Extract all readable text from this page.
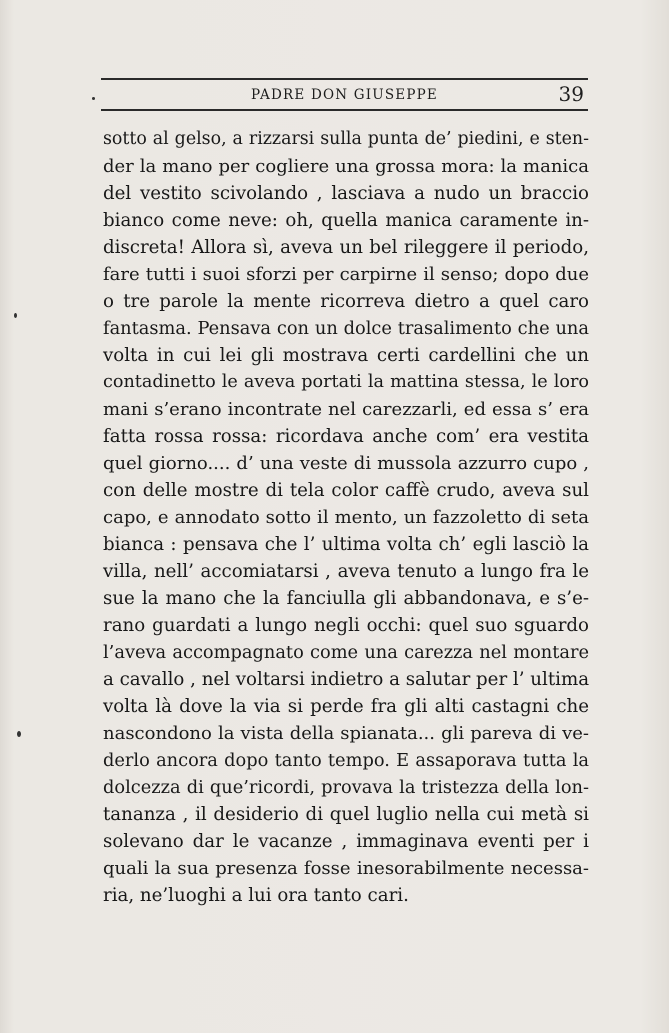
PADRE DON GIUSEPPE	39
sotto al gelso, a rizzarsi sulla punta de’ piedini, e sten-
der la mano per cogliere una grossa mora: la manica
del vestito scivolando , lasciava a nudo un braccio
bianco come neve: oh, quella manica caramente in-
discreta! Allora sì, aveva un bel rileggere il periodo,
fare tutti i suoi sforzi per carpirne il senso; dopo due
o tre parole la mente ricorreva dietro a quel caro
fantasma. Pensava con un dolce trasalimento che una
volta in cui lei gli mostrava certi cardellini che un
contadinetto le aveva portati la mattina stessa, le loro
mani s’erano incontrate nel carezzarli, ed essa s’ era
fatta rossa rossa: ricordava anche com’ era vestita
quel giorno.... d’ una veste di mussola azzurro cupo ,
con delle mostre di tela color caffè crudo, aveva sul
capo, e annodato sotto il mento, un fazzoletto di seta
bianca : pensava che l’ ultima volta ch’ egli lasciò la
villa, nell’ accomiatarsi , aveva tenuto a lungo fra le
sue la mano che la fanciulla gli abbandonava, e s’e-
rano guardati a lungo negli occhi: quel suo sguardo
l’aveva accompagnato come una carezza nel montare
a cavallo , nel voltarsi indietro a salutar per l’ ultima
volta là dove la via si perde fra gli alti castagni che
nascondono la vista della spianata... gli pareva di ve-
derlo ancora dopo tanto tempo. E assaporava tutta la
dolcezza di que’ricordi, provava la tristezza della lon-
tananza , il desiderio di quel luglio nella cui metà si
solevano dar le vacanze , immaginava eventi per i
quali la sua presenza fosse inesorabilmente necessa-
ria, ne’luoghi a lui ora tanto cari.
